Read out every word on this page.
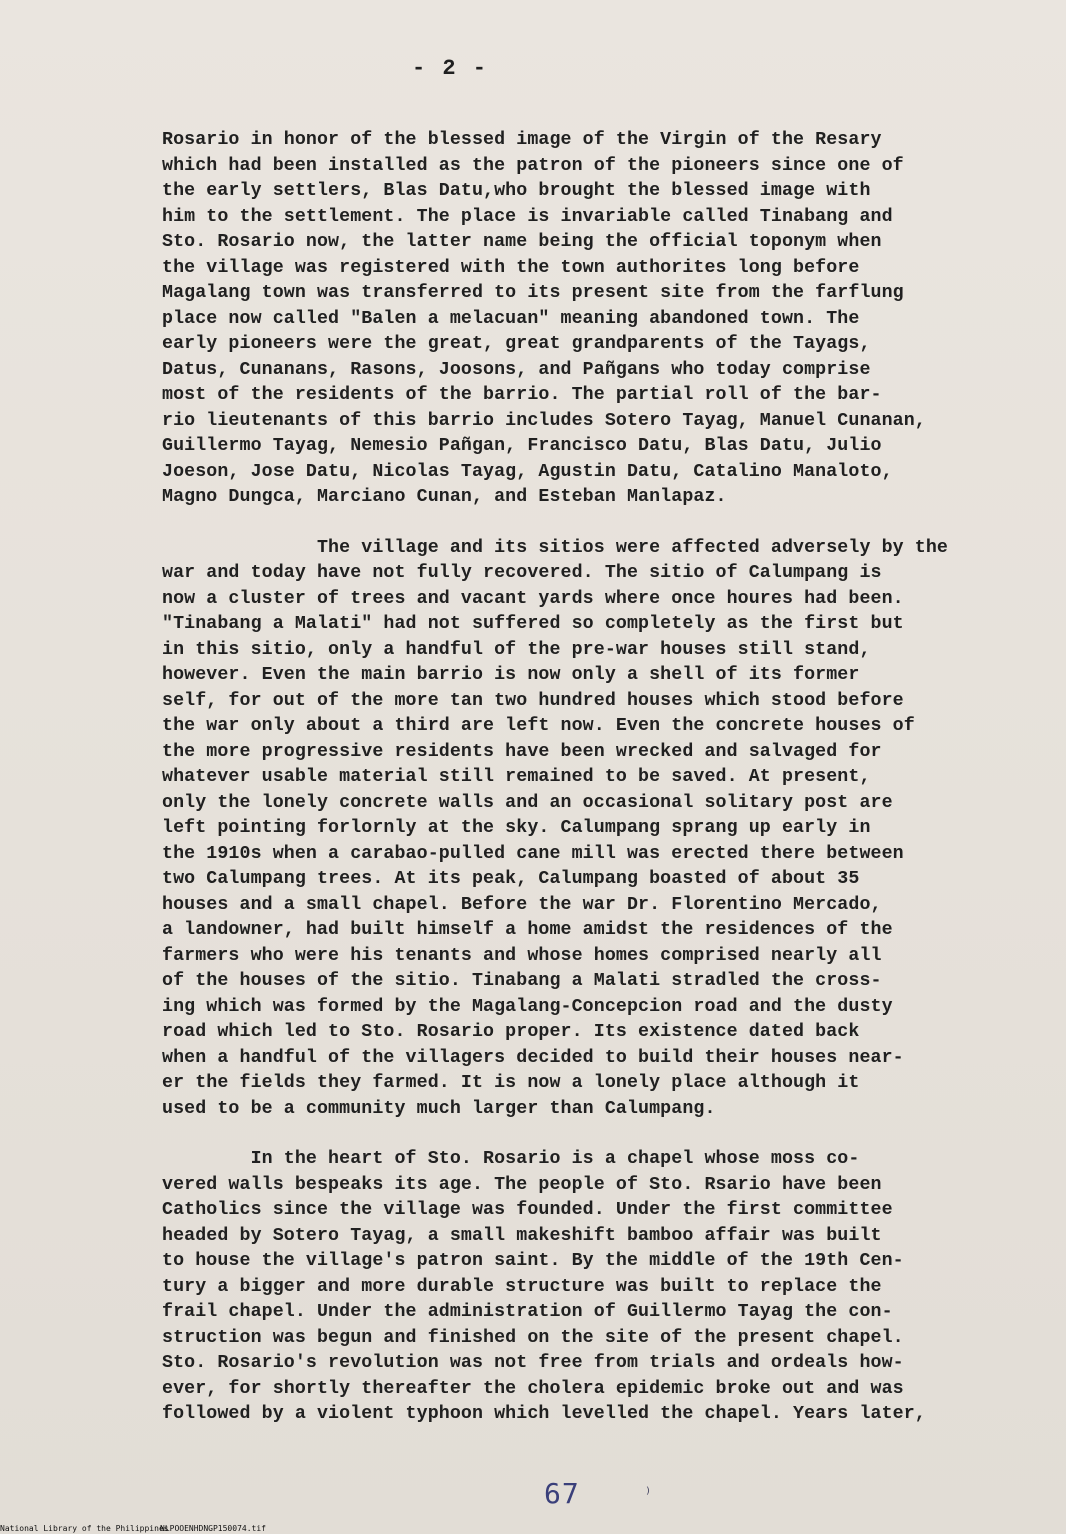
- 2 -
Rosario in honor of the blessed image of the Virgin of the Resary
which had been installed as the patron of the pioneers since one of
the early settlers, Blas Datu,who brought the blessed image with
him to the settlement. The place is invariable called Tinabang and
Sto. Rosario now, the latter name being the official toponym when
the village was registered with the town authorites long before
Magalang town was transferred to its present site from the farflung
place now called "Balen a melacuan" meaning abandoned town. The
early pioneers were the great, great grandparents of the Tayags,
Datus, Cunanans, Rasons, Joosons, and Pañgans who today comprise
most of the residents of the barrio. The partial roll of the bar-
rio lieutenants of this barrio includes Sotero Tayag, Manuel Cunanan,
Guillermo Tayag, Nemesio Pañgan, Francisco Datu, Blas Datu, Julio
Joeson, Jose Datu, Nicolas Tayag, Agustin Datu, Catalino Manaloto,
Magno Dungca, Marciano Cunan, and Esteban Manlapaz.
The village and its sitios were affected adversely by the
war and today have not fully recovered. The sitio of Calumpang is
now a cluster of trees and vacant yards where once houres had been.
"Tinabang a Malati" had not suffered so completely as the first but
in this sitio, only a handful of the pre-war houses still stand,
however. Even the main barrio is now only a shell of its former
self, for out of the more tan two hundred houses which stood before
the war only about a third are left now. Even the concrete houses of
the more progressive residents have been wrecked and salvaged for
whatever usable material still remained to be saved. At present,
only the lonely concrete walls and an occasional solitary post are
left pointing forlornly at the sky. Calumpang sprang up early in
the 1910s when a carabao-pulled cane mill was erected there between
two Calumpang trees. At its peak, Calumpang boasted of about 35
houses and a small chapel. Before the war Dr. Florentino Mercado,
a landowner, had built himself a home amidst the residences of the
farmers who were his tenants and whose homes comprised nearly all
of the houses of the sitio. Tinabang a Malati stradled the cross-
ing which was formed by the Magalang-Concepcion road and the dusty
road which led to Sto. Rosario proper. Its existence dated back
when a handful of the villagers decided to build their houses near-
er the fields they farmed. It is now a lonely place although it
used to be a community much larger than Calumpang.
In the heart of Sto. Rosario is a chapel whose moss co-
vered walls bespeaks its age. The people of Sto. Rsario have been
Catholics since the village was founded. Under the first committee
headed by Sotero Tayag, a small makeshift bamboo affair was built
to house the village's patron saint. By the middle of the 19th Cen-
tury a bigger and more durable structure was built to replace the
frail chapel. Under the administration of Guillermo Tayag the con-
struction was begun and finished on the site of the present chapel.
Sto. Rosario's revolution was not free from trials and ordeals how-
ever, for shortly thereafter the cholera epidemic broke out and was
followed by a violent typhoon which levelled the chapel. Years later,
67	⁾
National Library of the Philippines
NLPOOENHDNGP150074.tif
